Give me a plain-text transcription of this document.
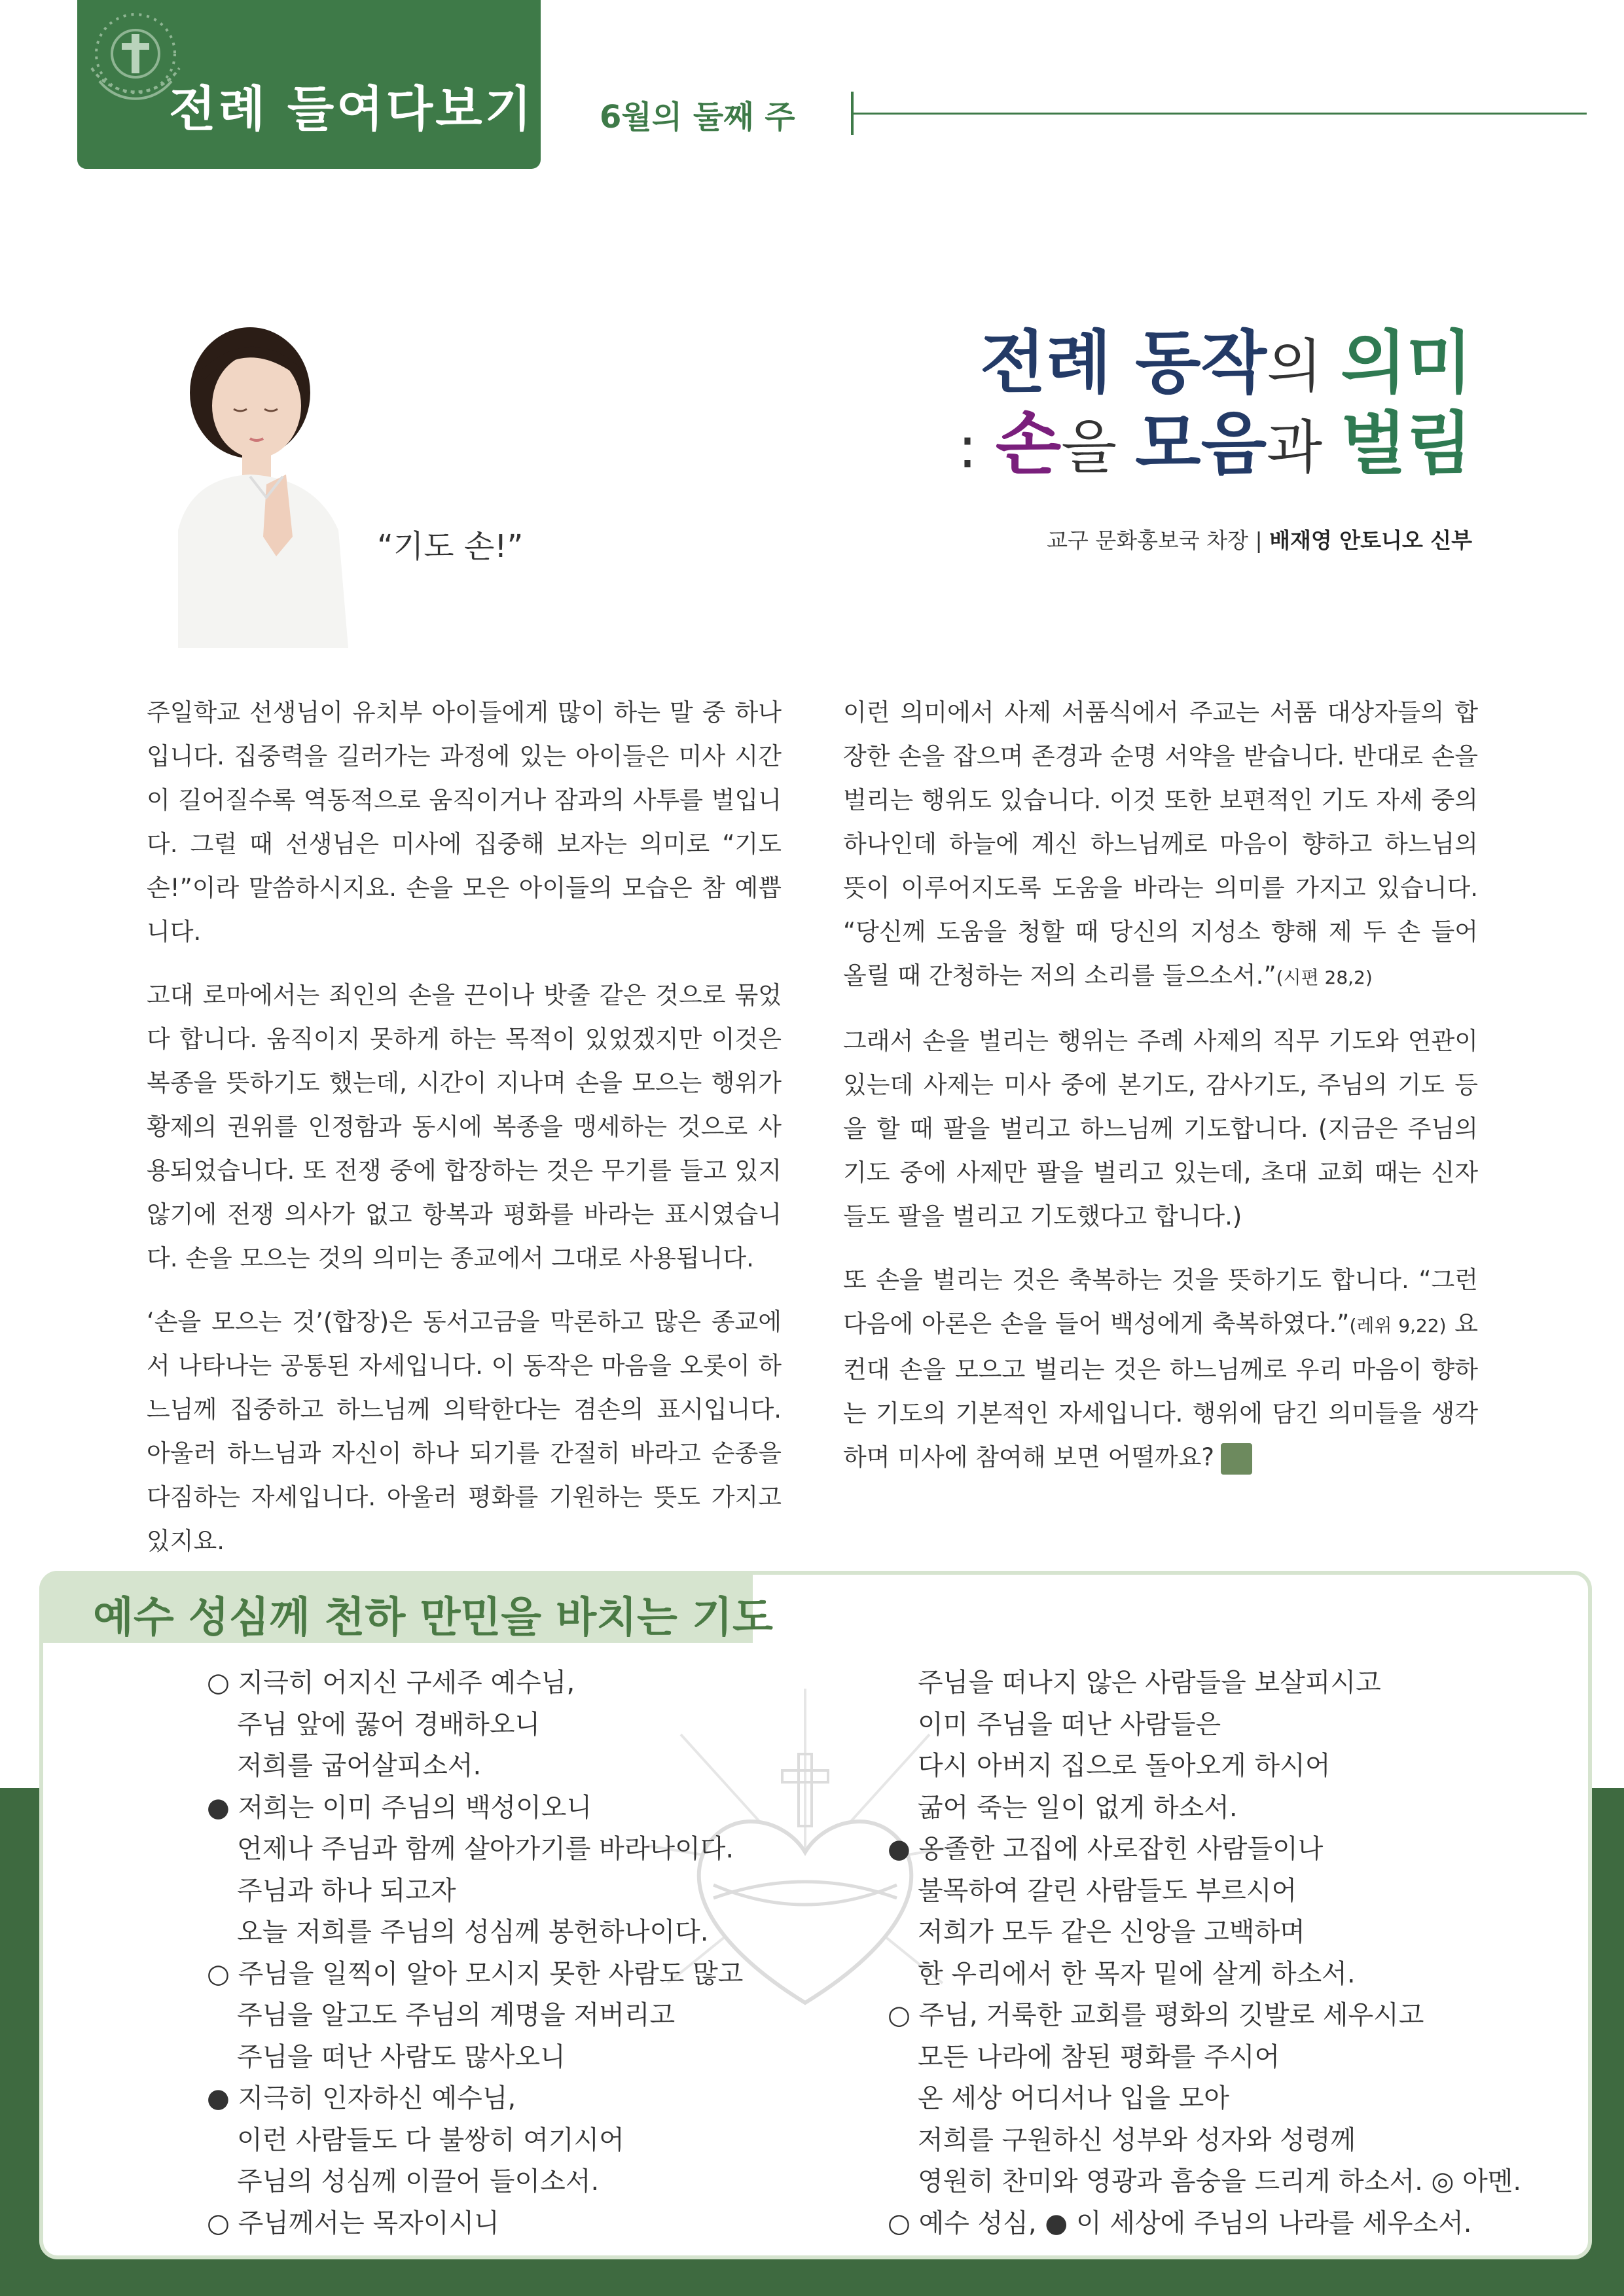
전례 들여다보기 6월의 둘째 주
전례 동작의 의미
: 손을 모음과 벌림
교구 문화홍보국 차장 | 배재영 안토니오 신부
“기도 손!”

주일학교 선생님이 유치부 아이들에게 많이 하는 말 중 하나입니다. 집중력을 길러가는 과정에 있는 아이들은 미사 시간이 길어질수록 역동적으로 움직이거나 잠과의 사투를 벌입니다. 그럴 때 선생님은 미사에 집중해 보자는 의미로 “기도 손!”이라 말씀하시지요. 손을 모은 아이들의 모습은 참 예쁩니다.

고대 로마에서는 죄인의 손을 끈이나 밧줄 같은 것으로 묶었다 합니다. 움직이지 못하게 하는 목적이 있었겠지만 이것은 복종을 뜻하기도 했는데, 시간이 지나며 손을 모으는 행위가 황제의 권위를 인정함과 동시에 복종을 맹세하는 것으로 사용되었습니다. 또 전쟁 중에 합장하는 것은 무기를 들고 있지 않기에 전쟁 의사가 없고 항복과 평화를 바라는 표시였습니다. 손을 모으는 것의 의미는 종교에서 그대로 사용됩니다.

‘손을 모으는 것’(합장)은 동서고금을 막론하고 많은 종교에서 나타나는 공통된 자세입니다. 이 동작은 마음을 오롯이 하느님께 집중하고 하느님께 의탁한다는 겸손의 표시입니다. 아울러 하느님과 자신이 하나 되기를 간절히 바라고 순종을 다짐하는 자세입니다. 아울러 평화를 기원하는 뜻도 가지고 있지요.

이런 의미에서 사제 서품식에서 주교는 서품 대상자들의 합장한 손을 잡으며 존경과 순명 서약을 받습니다. 반대로 손을 벌리는 행위도 있습니다. 이것 또한 보편적인 기도 자세 중의 하나인데 하늘에 계신 하느님께로 마음이 향하고 하느님의 뜻이 이루어지도록 도움을 바라는 의미를 가지고 있습니다. “당신께 도움을 청할 때 당신의 지성소 향해 제 두 손 들어 올릴 때 간청하는 저의 소리를 들으소서.”(시편 28,2)

그래서 손을 벌리는 행위는 주례 사제의 직무 기도와 연관이 있는데 사제는 미사 중에 본기도, 감사기도, 주님의 기도 등을 할 때 팔을 벌리고 하느님께 기도합니다. (지금은 주님의 기도 중에 사제만 팔을 벌리고 있는데, 초대 교회 때는 신자들도 팔을 벌리고 기도했다고 합니다.)

또 손을 벌리는 것은 축복하는 것을 뜻하기도 합니다. “그런 다음에 아론은 손을 들어 백성에게 축복하였다.”(레위 9,22) 요컨대 손을 모으고 벌리는 것은 하느님께로 우리 마음이 향하는 기도의 기본적인 자세입니다. 행위에 담긴 의미들을 생각하며 미사에 참여해 보면 어떨까요?

예수 성심께 천하 만민을 바치는 기도
○ 지극히 어지신 구세주 예수님,
주님 앞에 꿇어 경배하오니
저희를 굽어살피소서.
● 저희는 이미 주님의 백성이오니
언제나 주님과 함께 살아가기를 바라나이다.
주님과 하나 되고자
오늘 저희를 주님의 성심께 봉헌하나이다.
○ 주님을 일찍이 알아 모시지 못한 사람도 많고
주님을 알고도 주님의 계명을 저버리고
주님을 떠난 사람도 많사오니
● 지극히 인자하신 예수님,
이런 사람들도 다 불쌍히 여기시어
주님의 성심께 이끌어 들이소서.
○ 주님께서는 목자이시니
주님을 떠나지 않은 사람들을 보살피시고
이미 주님을 떠난 사람들은
다시 아버지 집으로 돌아오게 하시어
굶어 죽는 일이 없게 하소서.
● 옹졸한 고집에 사로잡힌 사람들이나
불목하여 갈린 사람들도 부르시어
저희가 모두 같은 신앙을 고백하며
한 우리에서 한 목자 밑에 살게 하소서.
○ 주님, 거룩한 교회를 평화의 깃발로 세우시고
모든 나라에 참된 평화를 주시어
온 세상 어디서나 입을 모아
저희를 구원하신 성부와 성자와 성령께
영원히 찬미와 영광과 흠숭을 드리게 하소서. ◎ 아멘.
○ 예수 성심, ● 이 세상에 주님의 나라를 세우소서.
